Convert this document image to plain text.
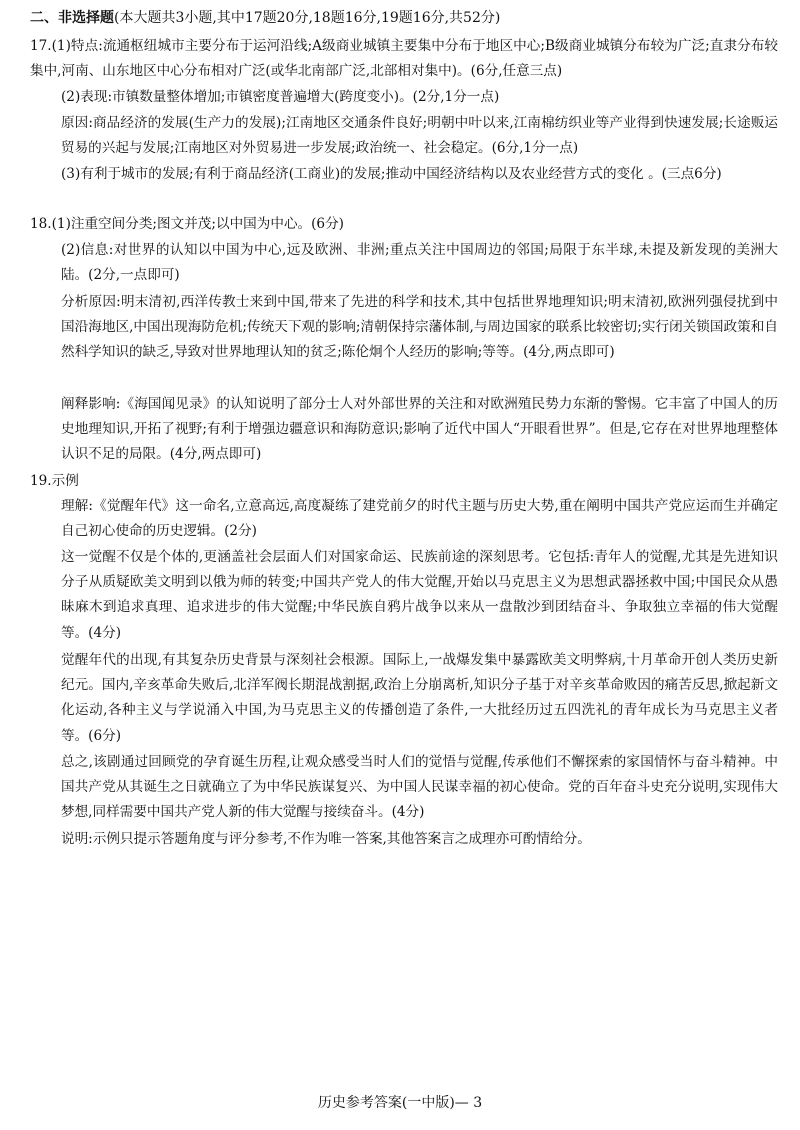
二、非选择题(本大题共3小题,其中17题20分,18题16分,19题16分,共52分)
17.(1)特点:流通枢纽城市主要分布于运河沿线;A级商业城镇主要集中分布于地区中心;B级商业城镇分布较为广泛;直隶分布较集中,河南、山东地区中心分布相对广泛(或华北南部广泛,北部相对集中)。(6分,任意三点)
(2)表现:市镇数量整体增加;市镇密度普遍增大(跨度变小)。(2分,1分一点)
原因:商品经济的发展(生产力的发展);江南地区交通条件良好;明朝中叶以来,江南棉纺织业等产业得到快速发展;长途贩运贸易的兴起与发展;江南地区对外贸易进一步发展;政治统一、社会稳定。(6分,1分一点)
(3)有利于城市的发展;有利于商品经济(工商业)的发展;推动中国经济结构以及农业经营方式的变化 。(三点6分)
18.(1)注重空间分类;图文并茂;以中国为中心。(6分)
(2)信息:对世界的认知以中国为中心,远及欧洲、非洲;重点关注中国周边的邻国;局限于东半球,未提及新发现的美洲大陆。(2分,一点即可)
分析原因:明末清初,西洋传教士来到中国,带来了先进的科学和技术,其中包括世界地理知识;明末清初,欧洲列强侵扰到中国沿海地区,中国出现海防危机;传统天下观的影响;清朝保持宗藩体制,与周边国家的联系比较密切;实行闭关锁国政策和自然科学知识的缺乏,导致对世界地理认知的贫乏;陈伦炯个人经历的影响;等等。(4分,两点即可)
阐释影响:《海国闻见录》的认知说明了部分士人对外部世界的关注和对欧洲殖民势力东渐的警惕。它丰富了中国人的历史地理知识,开拓了视野;有利于增强边疆意识和海防意识;影响了近代中国人“开眼看世界”。但是,它存在对世界地理整体认识不足的局限。(4分,两点即可)
19.示例
理解:《觉醒年代》这一命名,立意高远,高度凝练了建党前夕的时代主题与历史大势,重在阐明中国共产党应运而生并确定自己初心使命的历史逻辑。(2分)
这一觉醒不仅是个体的,更涵盖社会层面人们对国家命运、民族前途的深刻思考。它包括:青年人的觉醒,尤其是先进知识分子从质疑欧美文明到以俄为师的转变;中国共产党人的伟大觉醒,开始以马克思主义为思想武器拯救中国;中国民众从愚昧麻木到追求真理、追求进步的伟大觉醒;中华民族自鸦片战争以来从一盘散沙到团结奋斗、争取独立幸福的伟大觉醒等。(4分)
觉醒年代的出现,有其复杂历史背景与深刻社会根源。国际上,一战爆发集中暴露欧美文明弊病,十月革命开创人类历史新纪元。国内,辛亥革命失败后,北洋军阀长期混战割据,政治上分崩离析,知识分子基于对辛亥革命败因的痛苦反思,掀起新文化运动,各种主义与学说涌入中国,为马克思主义的传播创造了条件,一大批经历过五四洗礼的青年成长为马克思主义者等。(6分)
总之,该剧通过回顾党的孕育诞生历程,让观众感受当时人们的觉悟与觉醒,传承他们不懈探索的家国情怀与奋斗精神。中国共产党从其诞生之日就确立了为中华民族谋复兴、为中国人民谋幸福的初心使命。党的百年奋斗史充分说明,实现伟大梦想,同样需要中国共产党人新的伟大觉醒与接续奋斗。(4分)
说明:示例只提示答题角度与评分参考,不作为唯一答案,其他答案言之成理亦可酌情给分。
历史参考答案(一中版)— 3
